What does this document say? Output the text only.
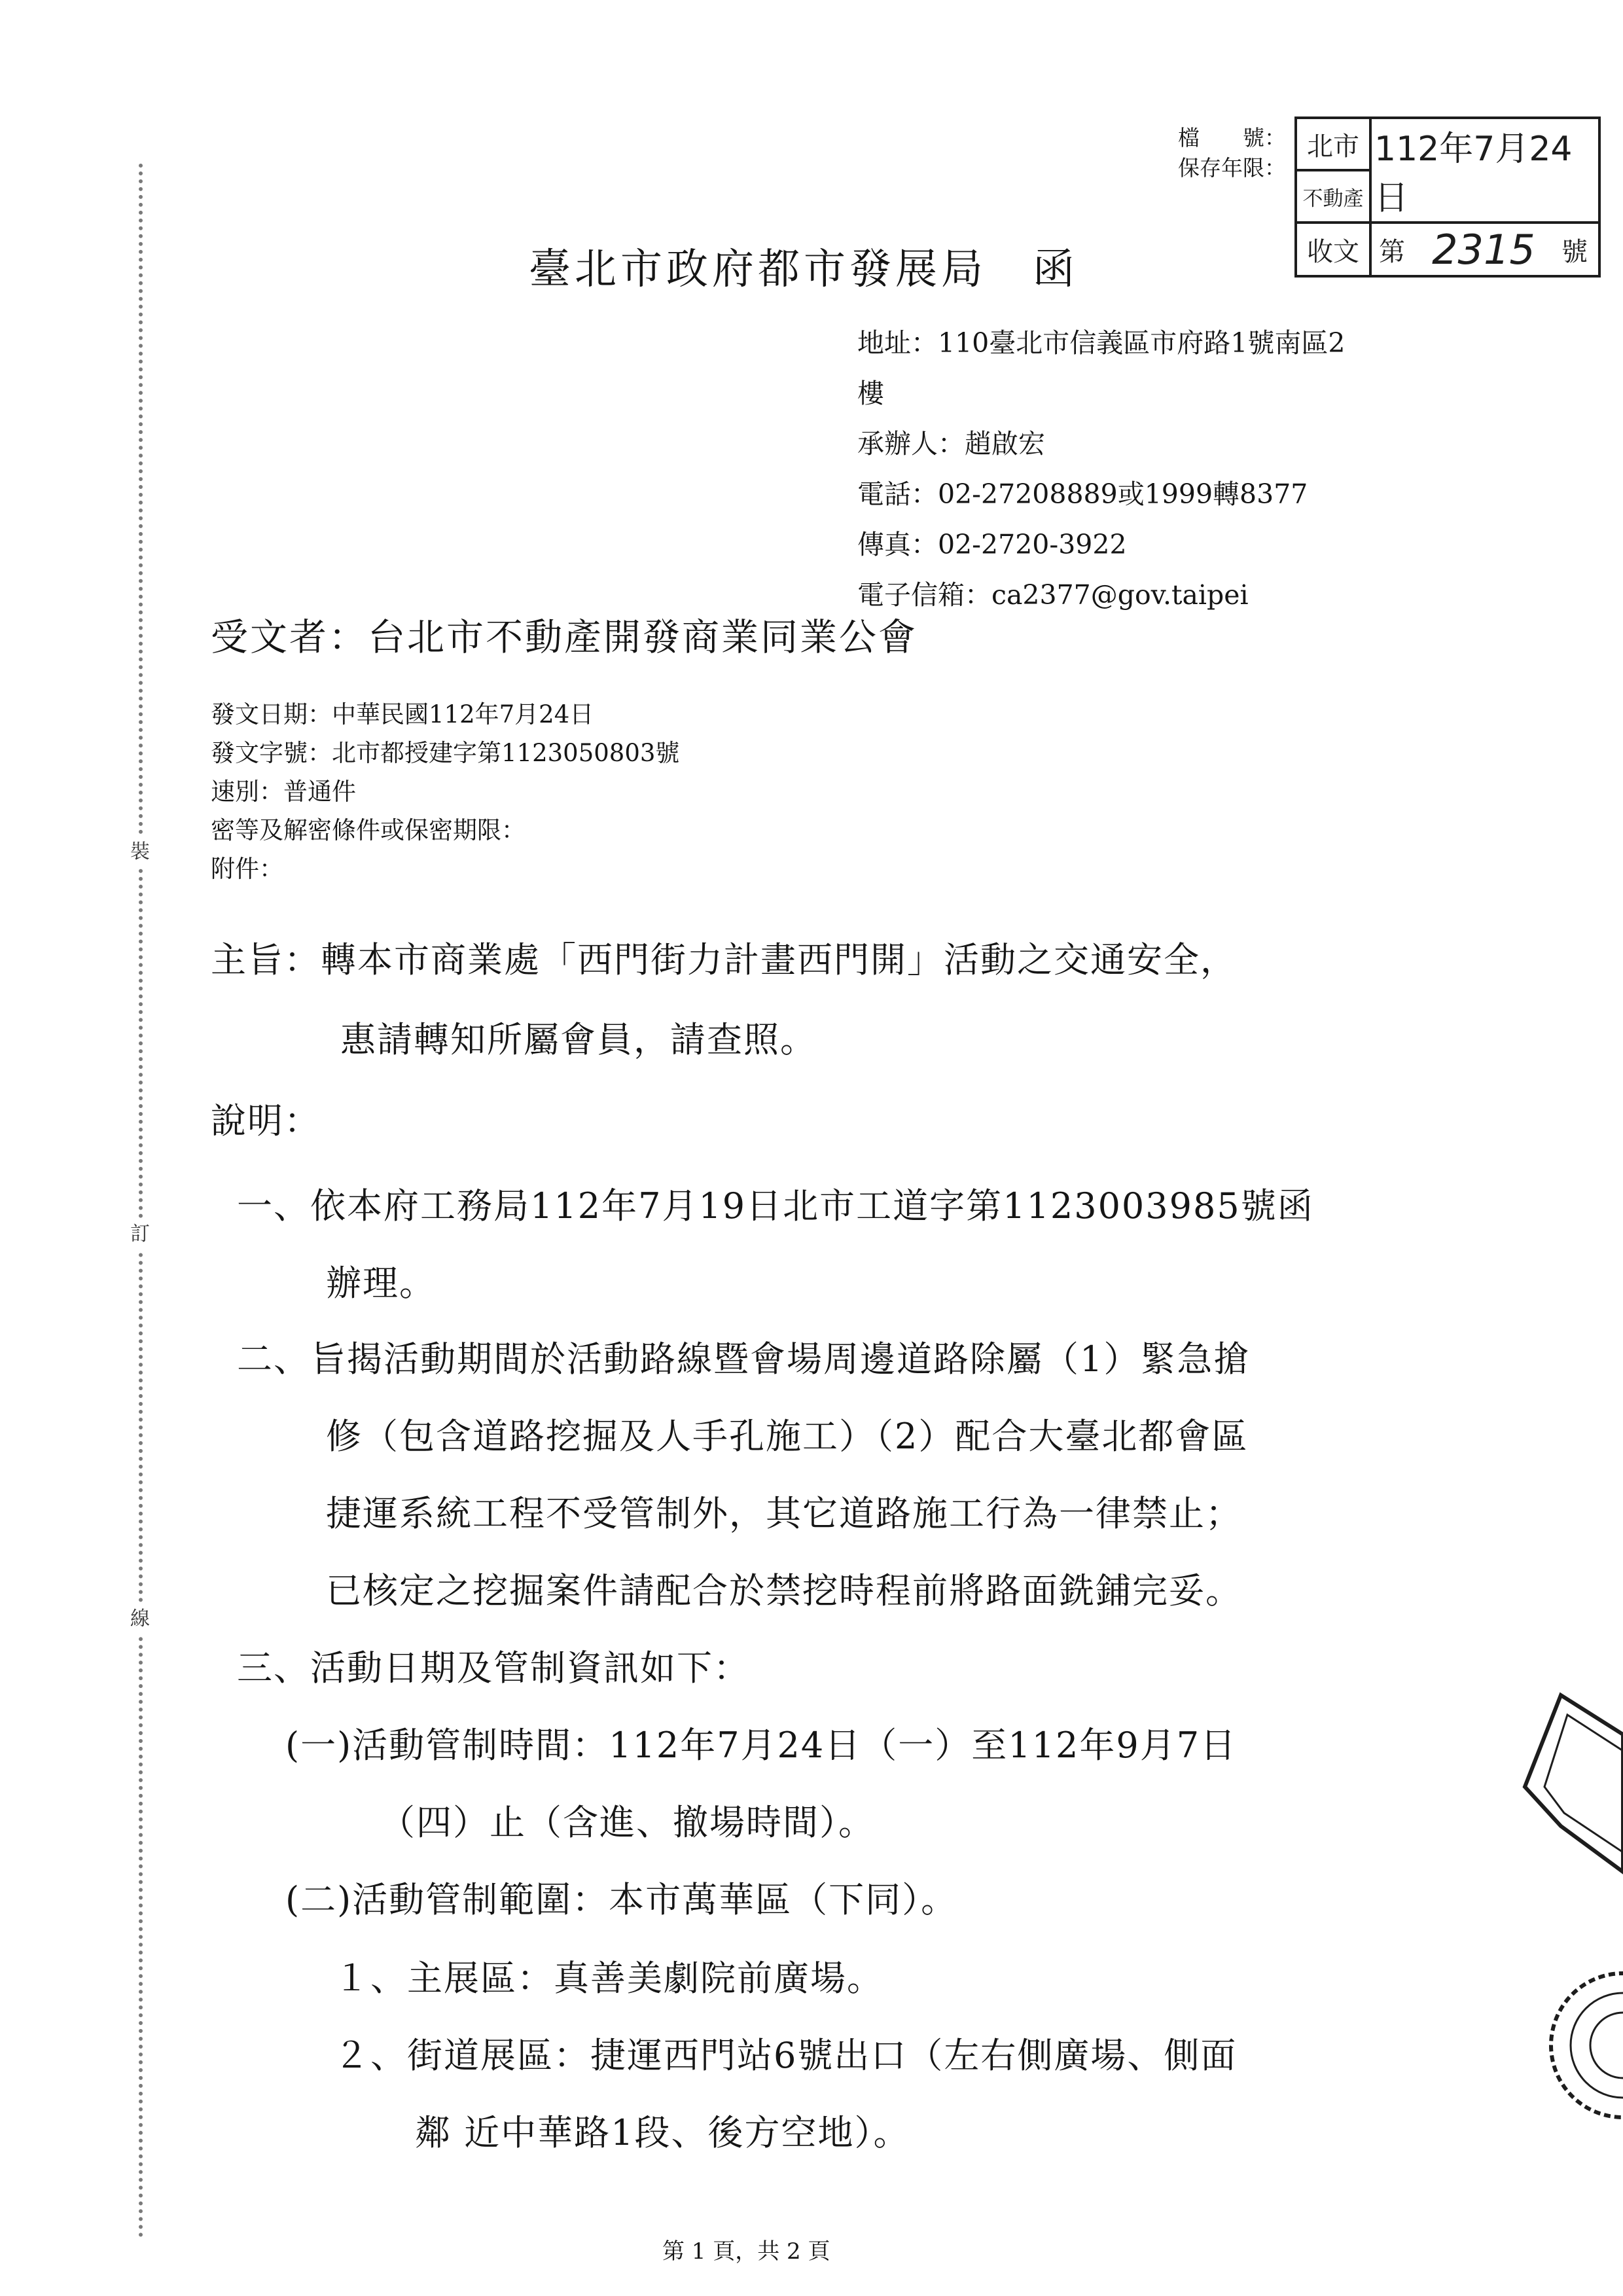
裝
訂
線
檔　　號：
保存年限：
北市
不動產
收文
112年7月24日
第 2315	號
臺北市政府都市發展局　函
地址：110臺北市信義區市府路1號南區2
樓
承辦人：趙啟宏
電話：02-27208889或1999轉8377
傳真：02-2720-3922
電子信箱：ca2377@gov.taipei
受文者：台北市不動產開發商業同業公會
發文日期：中華民國112年7月24日
發文字號：北市都授建字第1123050803號
速別：普通件
密等及解密條件或保密期限：
附件：
主旨：轉本市商業處「西門街力計畫西門開」活動之交通安全，
惠請轉知所屬會員，請查照。
說明：
一、依本府工務局112年7月19日北市工道字第1123003985號函
辦理。
二、旨揭活動期間於活動路線暨會場周邊道路除屬（1）緊急搶
修（包含道路挖掘及人手孔施工）（2）配合大臺北都會區
捷運系統工程不受管制外，其它道路施工行為一律禁止；
已核定之挖掘案件請配合於禁挖時程前將路面銑鋪完妥。
三、活動日期及管制資訊如下：
(一)活動管制時間：112年7月24日（一）至112年9月7日
（四）止（含進、撤場時間）。
(二)活動管制範圍：本市萬華區（下同）。
１、主展區：真善美劇院前廣場。
２、街道展區：捷運西門站6號出口（左右側廣場、側面
鄰 近中華路1段、後方空地）。
第 1 頁，共 2 頁
